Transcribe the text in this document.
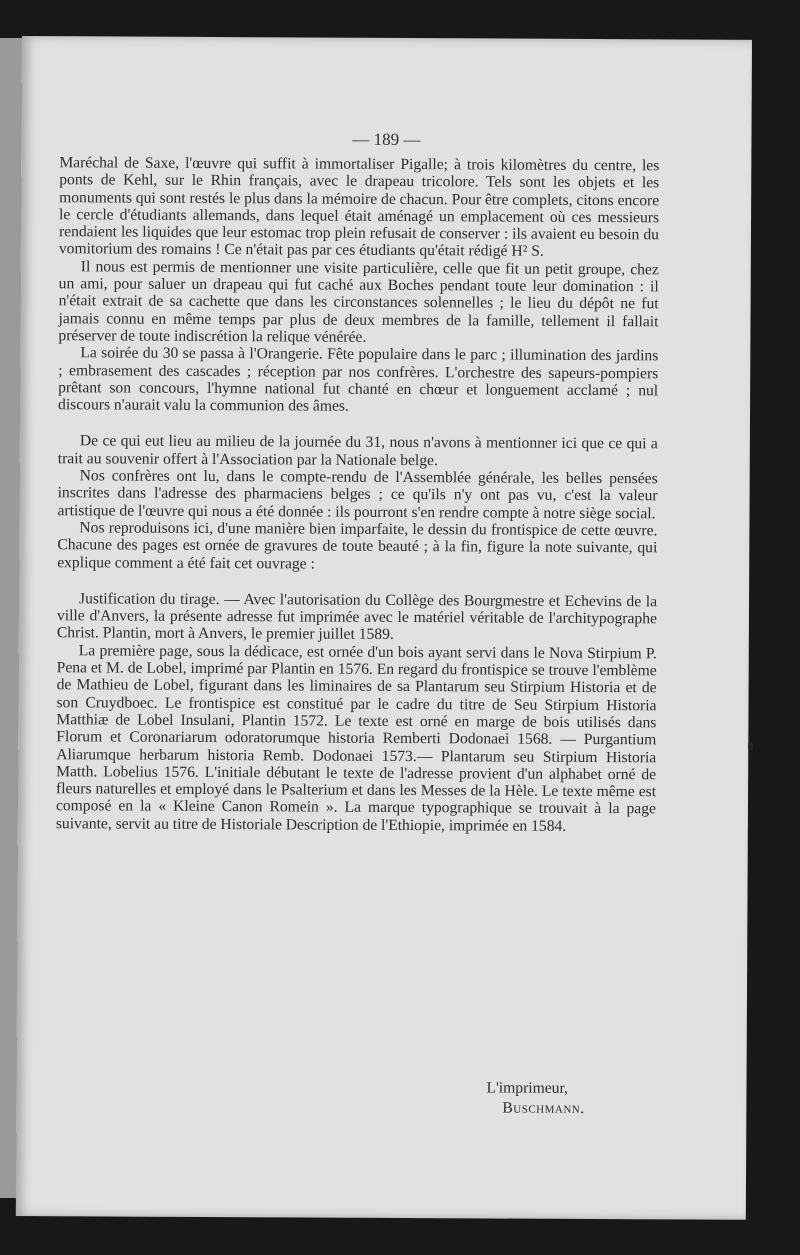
— 189 —

Maréchal de Saxe, l'œuvre qui suffit à immortaliser Pigalle; à trois kilomètres du centre, les ponts de Kehl, sur le Rhin français, avec le drapeau tricolore. Tels sont les objets et les monuments qui sont restés le plus dans la mémoire de chacun. Pour être complets, citons encore le cercle d'étudiants allemands, dans lequel était aménagé un emplacement où ces messieurs rendaient les liquides que leur estomac trop plein refusait de conserver : ils avaient eu besoin du vomitorium des romains ! Ce n'était pas par ces étudiants qu'était rédigé H² S.

Il nous est permis de mentionner une visite particulière, celle que fit un petit groupe, chez un ami, pour saluer un drapeau qui fut caché aux Boches pendant toute leur domination : il n'était extrait de sa cachette que dans les circonstances solennelles ; le lieu du dépôt ne fut jamais connu en même temps par plus de deux membres de la famille, tellement il fallait préserver de toute indiscrétion la relique vénérée.

La soirée du 30 se passa à l'Orangerie. Fête populaire dans le parc ; illumination des jardins ; embrasement des cascades ; réception par nos confrères. L'orchestre des sapeurs-pompiers prêtant son concours, l'hymne national fut chanté en chœur et longuement acclamé ; nul discours n'aurait valu la communion des âmes.

De ce qui eut lieu au milieu de la journée du 31, nous n'avons à mentionner ici que ce qui a trait au souvenir offert à l'Association par la Nationale belge.

Nos confrères ont lu, dans le compte-rendu de l'Assemblée générale, les belles pensées inscrites dans l'adresse des pharmaciens belges ; ce qu'ils n'y ont pas vu, c'est la valeur artistique de l'œuvre qui nous a été donnée : ils pourront s'en rendre compte à notre siège social.

Nos reproduisons ici, d'une manière bien imparfaite, le dessin du frontispice de cette œuvre. Chacune des pages est ornée de gravures de toute beauté ; à la fin, figure la note suivante, qui explique comment a été fait cet ouvrage :

Justification du tirage. — Avec l'autorisation du Collège des Bourgmestre et Echevins de la ville d'Anvers, la présente adresse fut imprimée avec le matériel véritable de l'architypographe Christ. Plantin, mort à Anvers, le premier juillet 1589.

La première page, sous la dédicace, est ornée d'un bois ayant servi dans le Nova Stirpium P. Pena et M. de Lobel, imprimé par Plantin en 1576. En regard du frontispice se trouve l'emblème de Mathieu de Lobel, figurant dans les liminaires de sa Plantarum seu Stirpium Historia et de son Cruydboec. Le frontispice est constitué par le cadre du titre de Seu Stirpium Historia Matthiæ de Lobel Insulani, Plantin 1572. Le texte est orné en marge de bois utilisés dans Florum et Coronariarum odoratorumque historia Remberti Dodonaei 1568. — Purgantium Aliarumque herbarum historia Remb. Dodonaei 1573.— Plantarum seu Stirpium Historia Matth. Lobelius 1576. L'initiale débutant le texte de l'adresse provient d'un alphabet orné de fleurs naturelles et employé dans le Psalterium et dans les Messes de la Hèle. Le texte même est composé en la « Kleine Canon Romein ». La marque typographique se trouvait à la page suivante, servit au titre de Historiale Description de l'Ethiopie, imprimée en 1584.

L'imprimeur,
Buschmann.
